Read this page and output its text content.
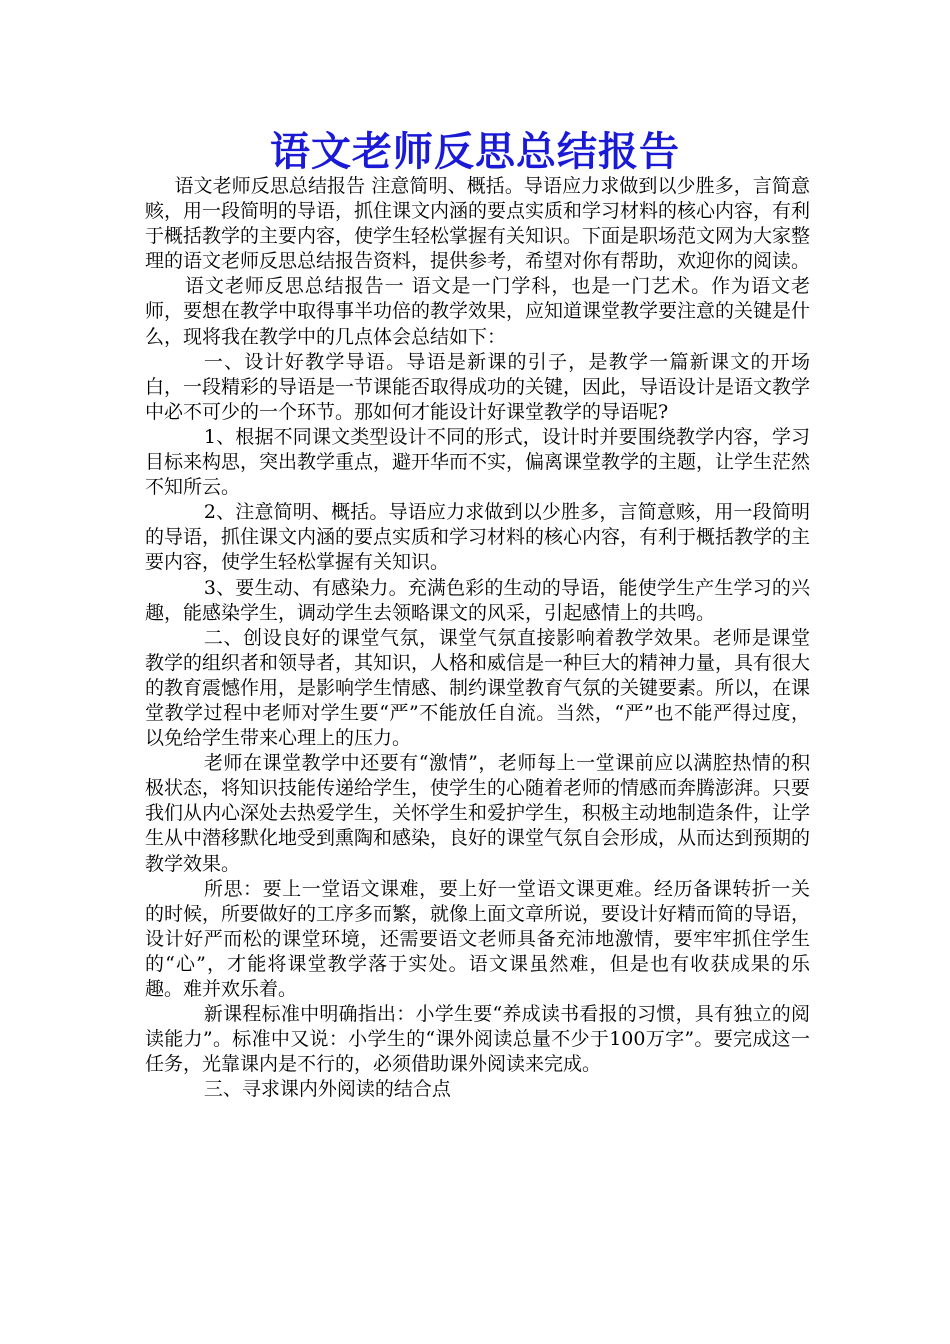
语文老师反思总结报告

语文老师反思总结报告 注意简明、概括。导语应力求做到以少胜多，言简意赅，用一段简明的导语，抓住课文内涵的要点实质和学习材料的核心内容，有利于概括教学的主要内容，使学生轻松掌握有关知识。下面是职场范文网为大家整理的语文老师反思总结报告资料，提供参考，希望对你有帮助，欢迎你的阅读。

语文老师反思总结报告一 语文是一门学科，也是一门艺术。作为语文老师，要想在教学中取得事半功倍的教学效果，应知道课堂教学要注意的关键是什么，现将我在教学中的几点体会总结如下：

一、设计好教学导语。导语是新课的引子，是教学一篇新课文的开场白，一段精彩的导语是一节课能否取得成功的关键，因此，导语设计是语文教学中必不可少的一个环节。那如何才能设计好课堂教学的导语呢?

1、根据不同课文类型设计不同的形式，设计时并要围绕教学内容，学习目标来构思，突出教学重点，避开华而不实，偏离课堂教学的主题，让学生茫然不知所云。

2、注意简明、概括。导语应力求做到以少胜多，言简意赅，用一段简明的导语，抓住课文内涵的要点实质和学习材料的核心内容，有利于概括教学的主要内容，使学生轻松掌握有关知识。

3、要生动、有感染力。充满色彩的生动的导语，能使学生产生学习的兴趣，能感染学生，调动学生去领略课文的风采，引起感情上的共鸣。

二、创设良好的课堂气氛，课堂气氛直接影响着教学效果。老师是课堂教学的组织者和领导者，其知识，人格和威信是一种巨大的精神力量，具有很大的教育震憾作用，是影响学生情感、制约课堂教育气氛的关键要素。所以，在课堂教学过程中老师对学生要“严”不能放任自流。当然，“严”也不能严得过度，以免给学生带来心理上的压力。

老师在课堂教学中还要有“激情”，老师每上一堂课前应以满腔热情的积极状态，将知识技能传递给学生，使学生的心随着老师的情感而奔腾澎湃。只要我们从内心深处去热爱学生，关怀学生和爱护学生，积极主动地制造条件，让学生从中潜移默化地受到熏陶和感染，良好的课堂气氛自会形成，从而达到预期的教学效果。

所思：要上一堂语文课难，要上好一堂语文课更难。经历备课转折一关的时候，所要做好的工序多而繁，就像上面文章所说，要设计好精而简的导语，设计好严而松的课堂环境，还需要语文老师具备充沛地激情，要牢牢抓住学生的“心”，才能将课堂教学落于实处。语文课虽然难，但是也有收获成果的乐趣。难并欢乐着。

新课程标准中明确指出：小学生要“养成读书看报的习惯，具有独立的阅读能力”。标准中又说：小学生的“课外阅读总量不少于100万字”。要完成这一任务，光靠课内是不行的，必须借助课外阅读来完成。

三、寻求课内外阅读的结合点
